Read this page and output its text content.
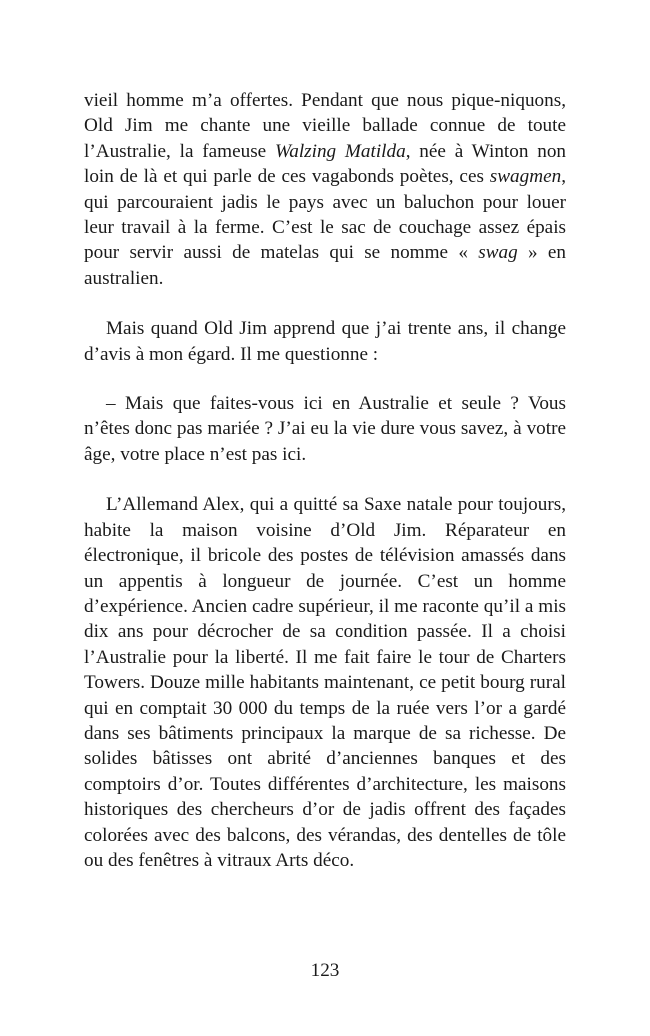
vieil homme m’a offertes. Pendant que nous pique-niquons, Old Jim me chante une vieille ballade connue de toute l’Australie, la fameuse Walzing Matilda, née à Winton non loin de là et qui parle de ces vagabonds poètes, ces swagmen, qui parcouraient jadis le pays avec un baluchon pour louer leur travail à la ferme. C’est le sac de couchage assez épais pour servir aussi de matelas qui se nomme « swag » en australien.

Mais quand Old Jim apprend que j’ai trente ans, il change d’avis à mon égard. Il me questionne :

– Mais que faites-vous ici en Australie et seule ? Vous n’êtes donc pas mariée ? J’ai eu la vie dure vous savez, à votre âge, votre place n’est pas ici.

L’Allemand Alex, qui a quitté sa Saxe natale pour toujours, habite la maison voisine d’Old Jim. Réparateur en électronique, il bricole des postes de télévision amassés dans un appentis à longueur de journée. C’est un homme d’expérience. Ancien cadre supérieur, il me raconte qu’il a mis dix ans pour décrocher de sa condition passée. Il a choisi l’Australie pour la liberté. Il me fait faire le tour de Charters Towers. Douze mille habitants maintenant, ce petit bourg rural qui en comptait 30 000 du temps de la ruée vers l’or a gardé dans ses bâtiments principaux la marque de sa richesse. De solides bâtisses ont abrité d’anciennes banques et des comptoirs d’or. Toutes différentes d’architecture, les maisons historiques des chercheurs d’or de jadis offrent des façades colorées avec des balcons, des vérandas, des dentelles de tôle ou des fenêtres à vitraux Arts déco.

123
